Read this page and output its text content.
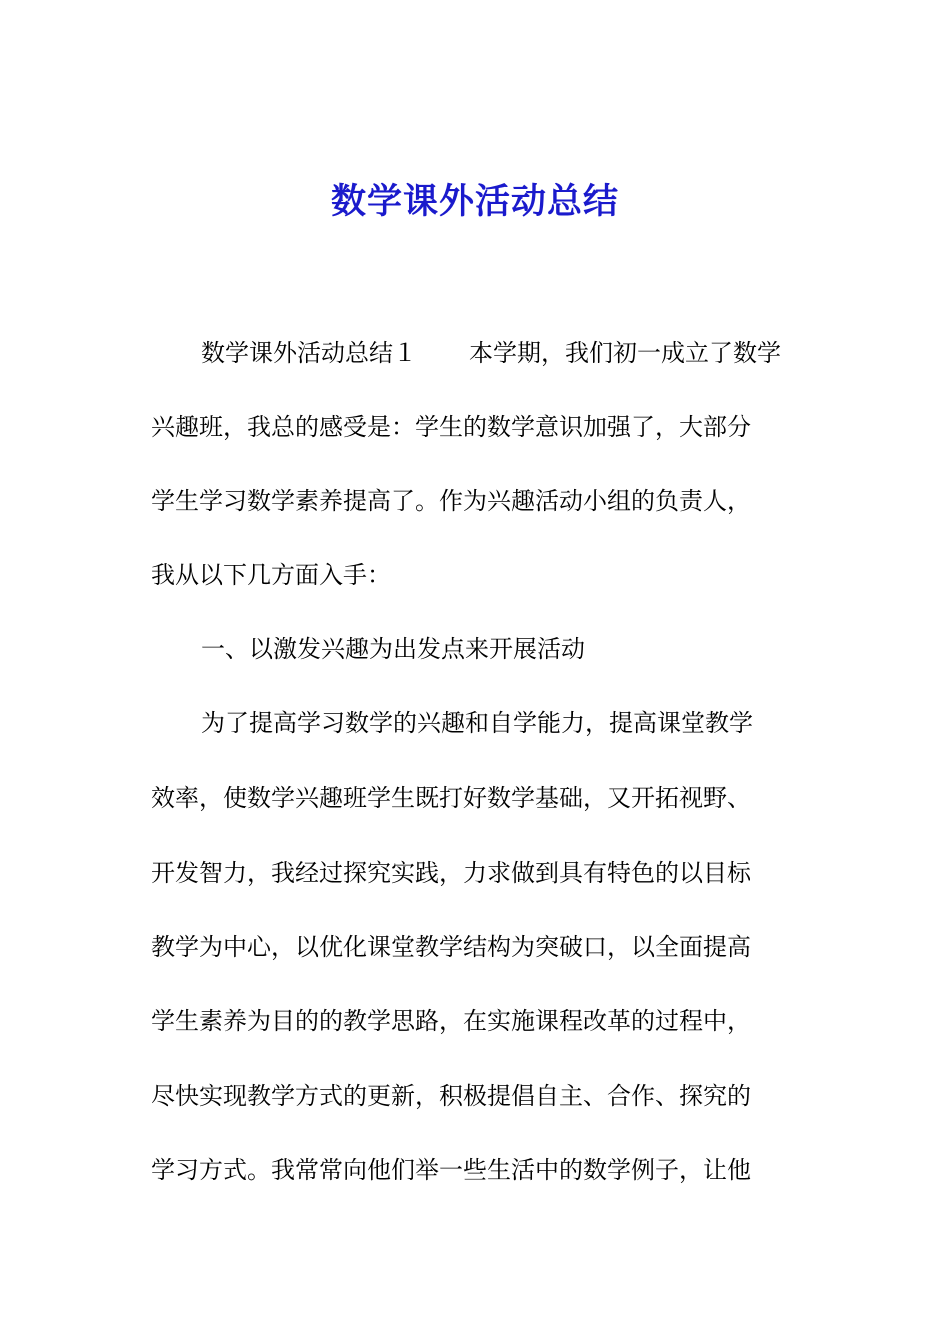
数学课外活动总结
数学课外活动总结１ 本学期，我们初一成立了数学
兴趣班，我总的感受是：学生的数学意识加强了，大部分
学生学习数学素养提高了。作为兴趣活动小组的负责人，
我从以下几方面入手：
一、以激发兴趣为出发点来开展活动
为了提高学习数学的兴趣和自学能力，提高课堂教学
效率，使数学兴趣班学生既打好数学基础，又开拓视野、
开发智力，我经过探究实践，力求做到具有特色的以目标
教学为中心，以优化课堂教学结构为突破口，以全面提高
学生素养为目的的教学思路，在实施课程改革的过程中，
尽快实现教学方式的更新，积极提倡自主、合作、探究的
学习方式。我常常向他们举一些生活中的数学例子，让他
